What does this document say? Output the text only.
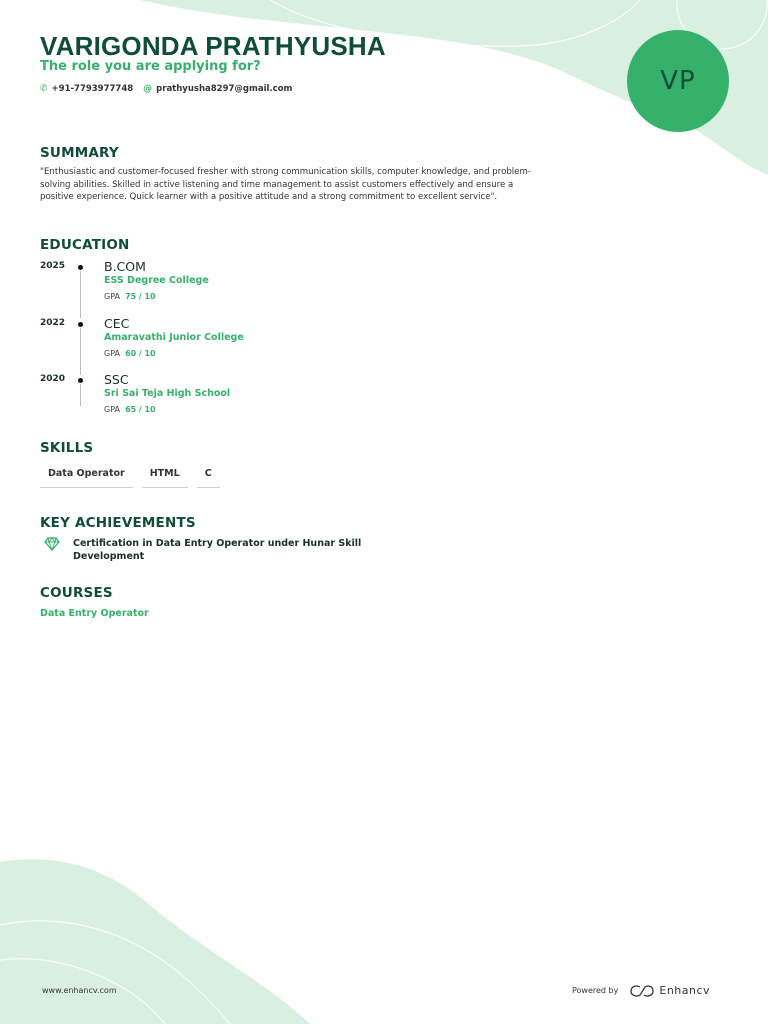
VARIGONDA PRATHYUSHA
The role you are applying for?
✆ +91-7793977748 @ prathyusha8297@gmail.com	VP
SUMMARY
"Enthusiastic and customer-focused fresher with strong communication skills, computer knowledge, and problem-solving abilities. Skilled in active listening and time management to assist customers effectively and ensure a positive experience. Quick learner with a positive attitude and a strong commitment to excellent service".
EDUCATION
2025	B.COM
ESS Degree College
GPA 75 / 10
2022	CEC
Amaravathi Junior College
GPA 60 / 10
2020	SSC
Sri Sai Teja High School
GPA 65 / 10
SKILLS
Data Operator	HTML	C
KEY ACHIEVEMENTS
Certification in Data Entry Operator under Hunar Skill Development
COURSES
Data Entry Operator
www.enhancv.com	Powered by	Enhancv
